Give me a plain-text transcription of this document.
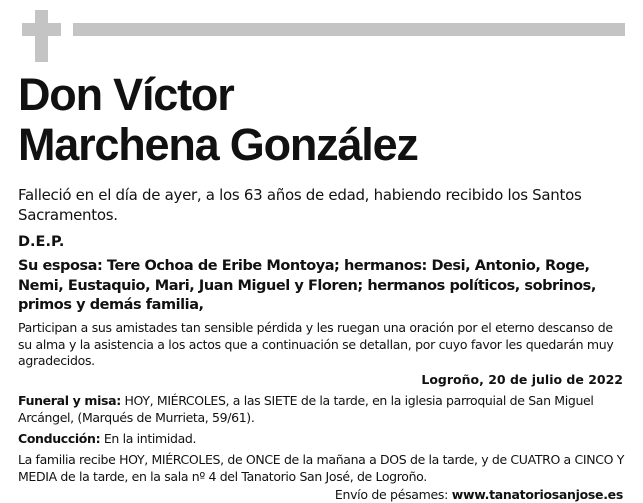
Don Víctor
Marchena González

Falleció en el día de ayer, a los 63 años de edad, habiendo recibido los Santos Sacramentos.

D.E.P.

Su esposa: Tere Ochoa de Eribe Montoya; hermanos: Desi, Antonio, Roge, Nemi, Eustaquio, Mari, Juan Miguel y Floren; hermanos políticos, sobrinos, primos y demás familia,

Participan a sus amistades tan sensible pérdida y les ruegan una oración por el eterno descanso de su alma y la asistencia a los actos que a continuación se detallan, por cuyo favor les quedarán muy agradecidos.

Logroño, 20 de julio de 2022

Funeral y misa: HOY, MIÉRCOLES, a las SIETE de la tarde, en la iglesia parroquial de San Miguel Arcángel, (Marqués de Murrieta, 59/61).

Conducción: En la intimidad.

La familia recibe HOY, MIÉRCOLES, de ONCE de la mañana a DOS de la tarde, y de CUATRO a CINCO Y MEDIA de la tarde, en la sala nº 4 del Tanatorio San José, de Logroño.

Envío de pésames: www.tanatoriosanjose.es
